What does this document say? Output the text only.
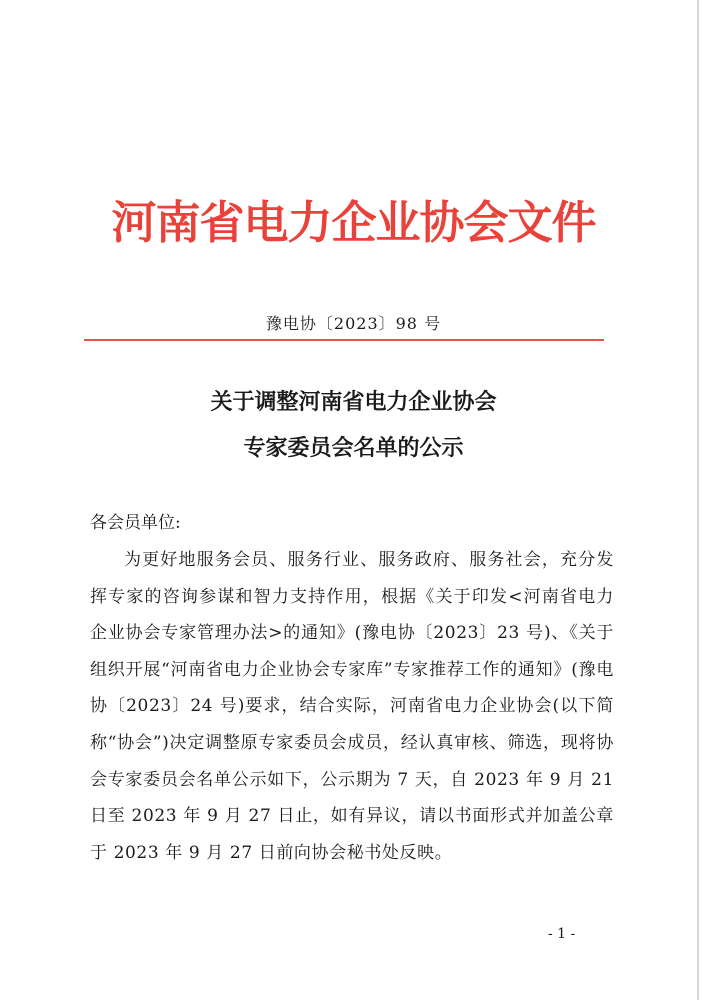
河南省电力企业协会文件
豫电协〔2023〕98 号
关于调整河南省电力企业协会
专家委员会名单的公示
各会员单位:
为更好地服务会员、服务行业、服务政府、服务社会，充分发挥专家的咨询参谋和智力支持作用，根据《关于印发<河南省电力企业协会专家管理办法>的通知》(豫电协〔2023〕23 号)、《关于组织开展“河南省电力企业协会专家库”专家推荐工作的通知》(豫电协〔2023〕24 号)要求，结合实际，河南省电力企业协会(以下简称“协会”)决定调整原专家委员会成员，经认真审核、筛选，现将协会专家委员会名单公示如下，公示期为 7 天，自 2023 年 9 月 21 日至 2023 年 9 月 27 日止，如有异议，请以书面形式并加盖公章于 2023 年 9 月 27 日前向协会秘书处反映。
- 1 -
